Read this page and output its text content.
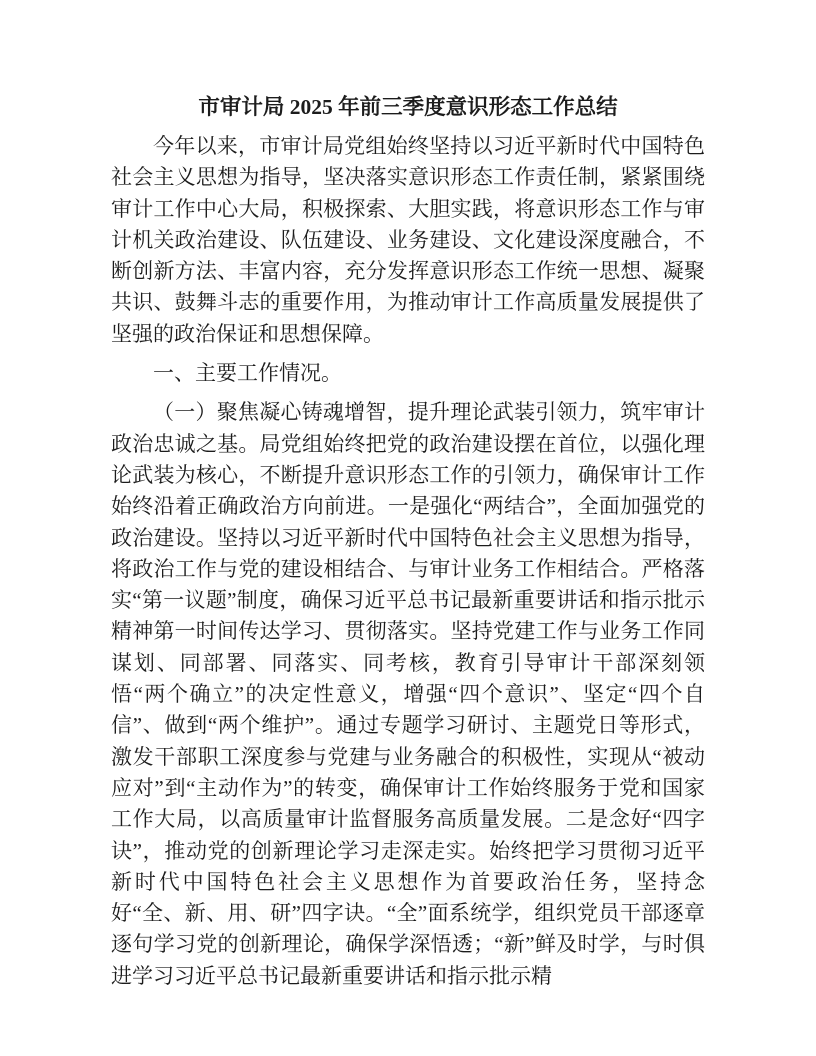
市审计局 2025 年前三季度意识形态工作总结

今年以来，市审计局党组始终坚持以习近平新时代中国特色社会主义思想为指导，坚决落实意识形态工作责任制，紧紧围绕审计工作中心大局，积极探索、大胆实践，将意识形态工作与审计机关政治建设、队伍建设、业务建设、文化建设深度融合，不断创新方法、丰富内容，充分发挥意识形态工作统一思想、凝聚共识、鼓舞斗志的重要作用，为推动审计工作高质量发展提供了坚强的政治保证和思想保障。

一、主要工作情况。

（一）聚焦凝心铸魂增智，提升理论武装引领力，筑牢审计政治忠诚之基。局党组始终把党的政治建设摆在首位，以强化理论武装为核心，不断提升意识形态工作的引领力，确保审计工作始终沿着正确政治方向前进。一是强化“两结合”，全面加强党的政治建设。坚持以习近平新时代中国特色社会主义思想为指导，将政治工作与党的建设相结合、与审计业务工作相结合。严格落实“第一议题”制度，确保习近平总书记最新重要讲话和指示批示精神第一时间传达学习、贯彻落实。坚持党建工作与业务工作同谋划、同部署、同落实、同考核，教育引导审计干部深刻领悟“两个确立”的决定性意义，增强“四个意识”、坚定“四个自信”、做到“两个维护”。通过专题学习研讨、主题党日等形式，激发干部职工深度参与党建与业务融合的积极性，实现从“被动应对”到“主动作为”的转变，确保审计工作始终服务于党和国家工作大局，以高质量审计监督服务高质量发展。二是念好“四字诀”，推动党的创新理论学习走深走实。始终把学习贯彻习近平新时代中国特色社会主义思想作为首要政治任务，坚持念好“全、新、用、研”四字诀。“全”面系统学，组织党员干部逐章逐句学习党的创新理论，确保学深悟透；“新”鲜及时学，与时俱进学习习近平总书记最新重要讲话和指示批示精
